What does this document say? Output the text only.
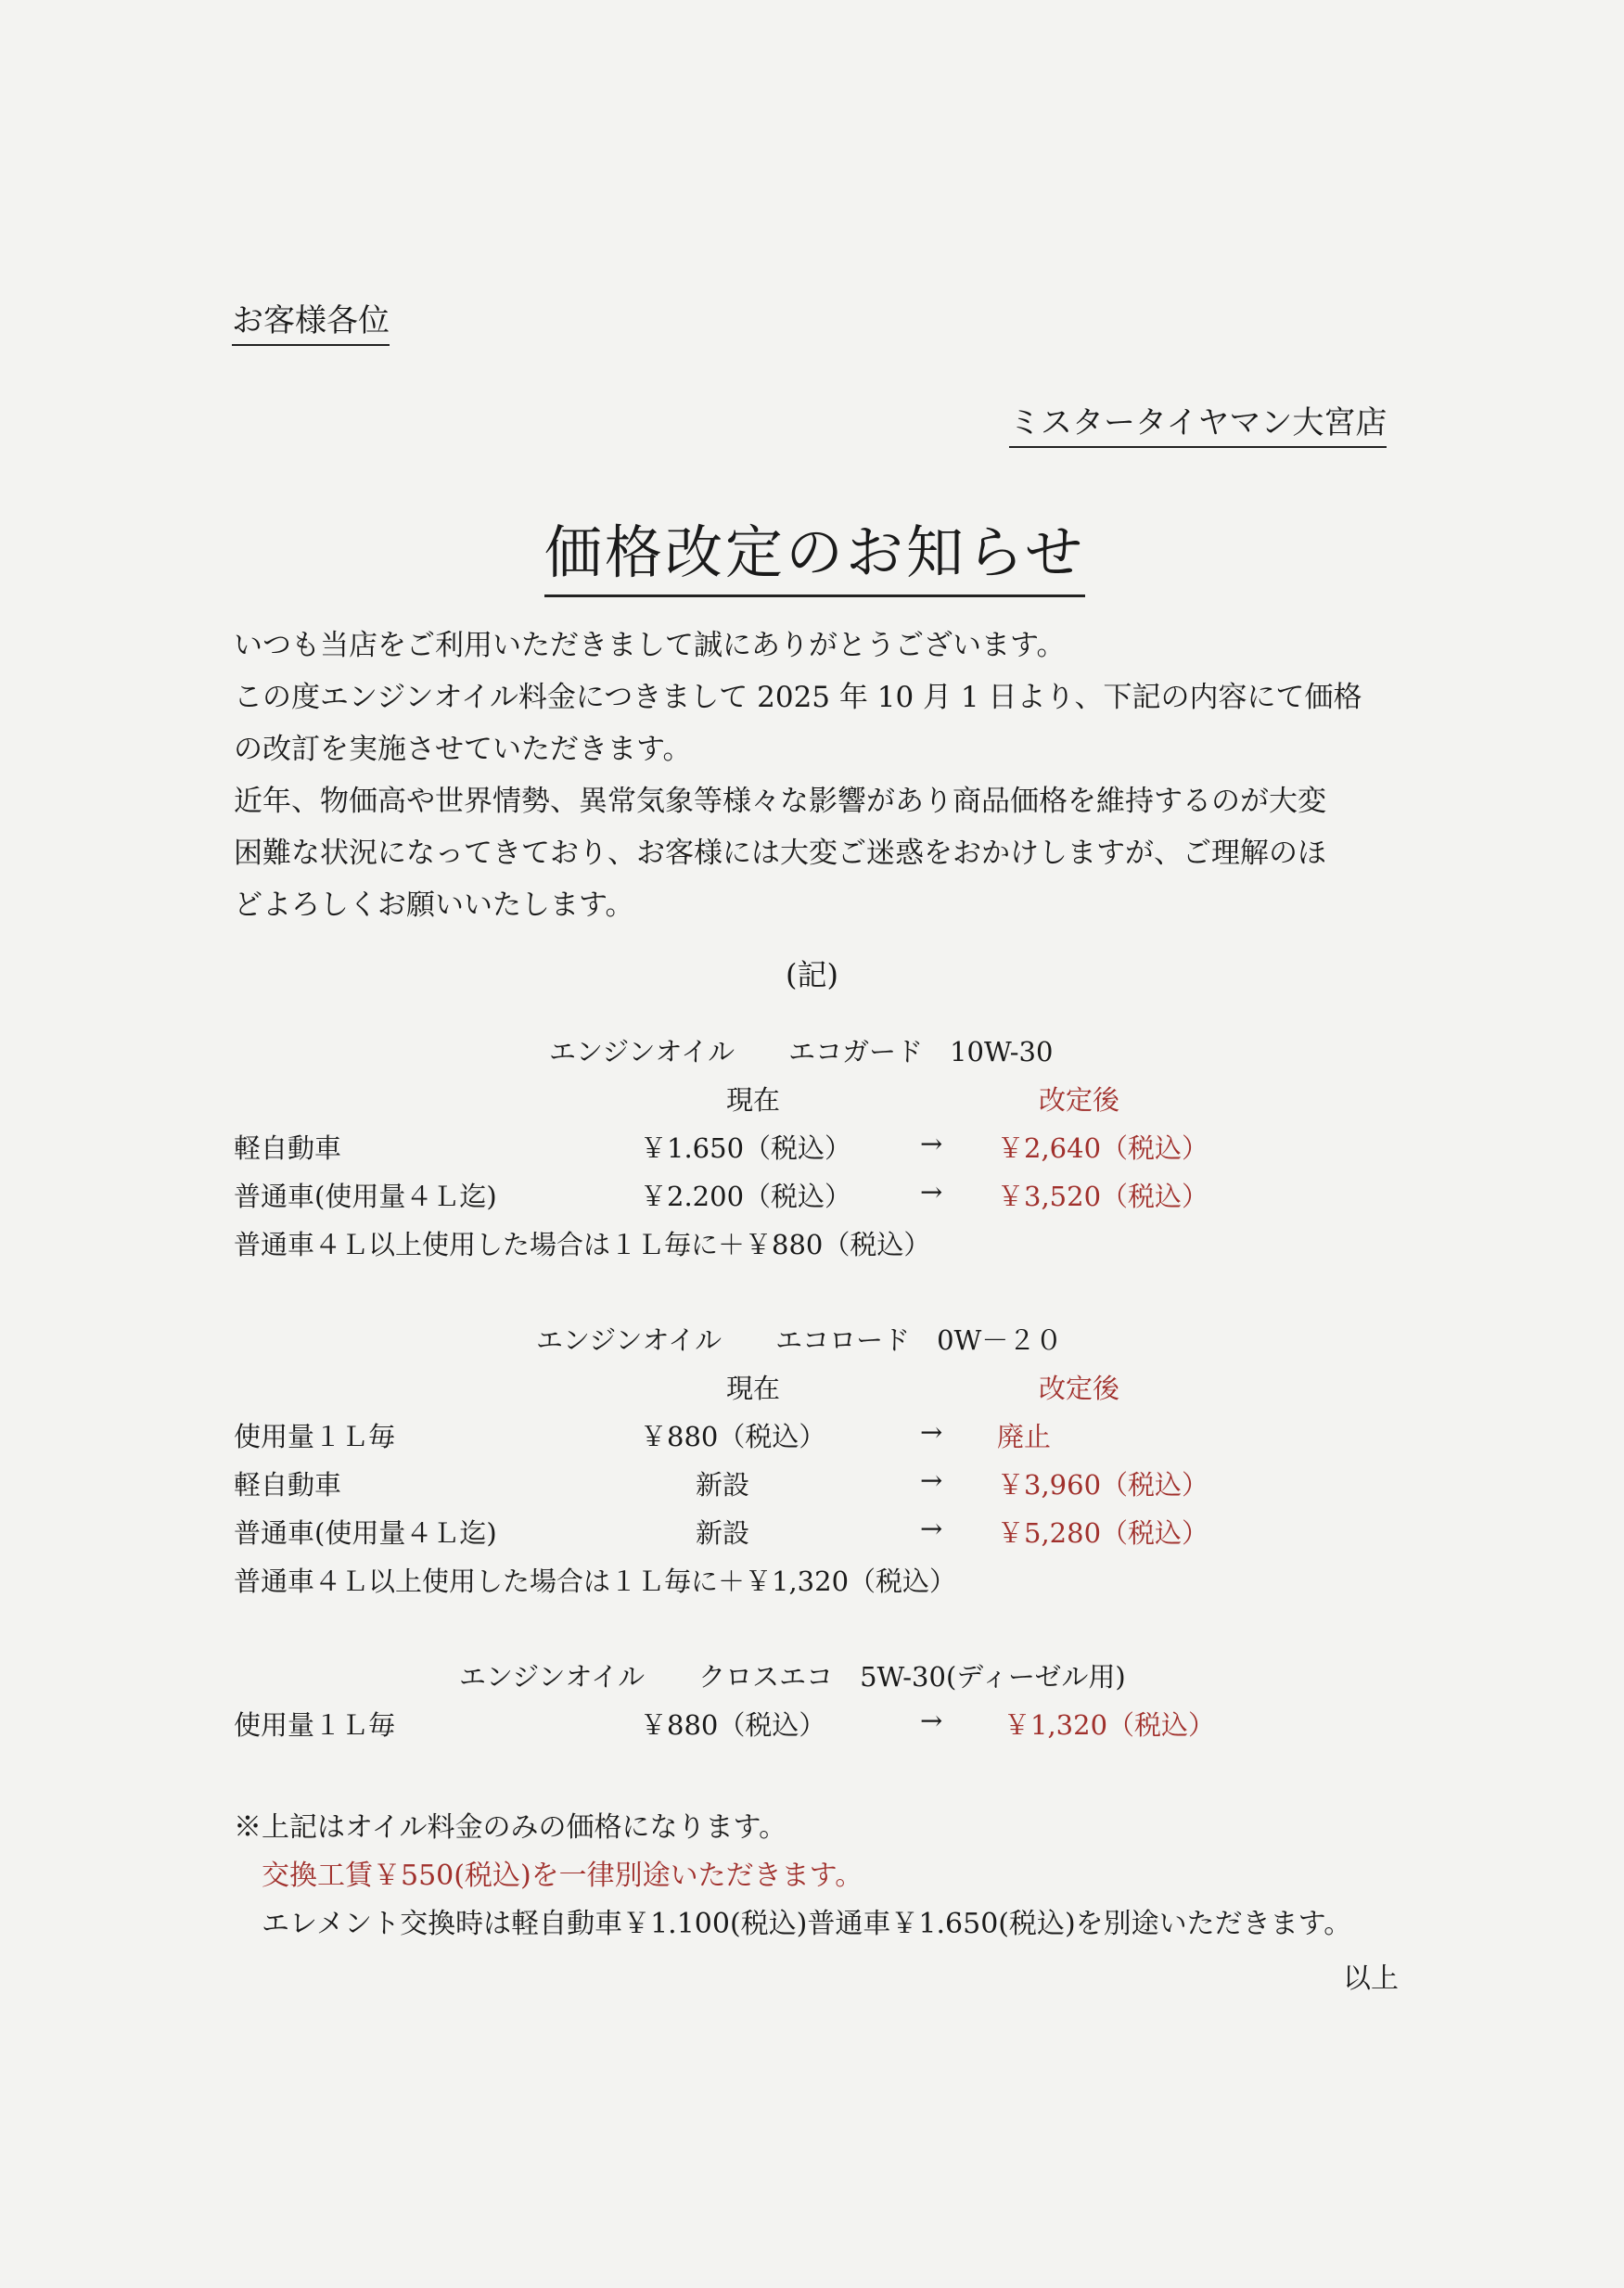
お客様各位
ミスタータイヤマン大宮店
価格改定のお知らせ
いつも当店をご利用いただきまして誠にありがとうございます。
この度エンジンオイル料金につきまして 2025 年 10 月 1 日より、下記の内容にて価格
の改訂を実施させていただきます。
近年、物価高や世界情勢、異常気象等様々な影響があり商品価格を維持するのが大変
困難な状況になってきており、お客様には大変ご迷惑をおかけしますが、ご理解のほ
どよろしくお願いいたします。
(記)
エンジンオイル　　エコガード　10W-30
現在	改定後
軽自動車	￥1.650（税込）	→ ￥2,640（税込）
普通車(使用量４Ｌ迄)	￥2.200（税込）	→ ￥3,520（税込）
普通車４Ｌ以上使用した場合は１Ｌ毎に＋￥880（税込）
エンジンオイル　　エコロード　0W－２０
現在	改定後
使用量１Ｌ毎	￥880（税込）	→ 廃止
軽自動車	新設	→ ￥3,960（税込）
普通車(使用量４Ｌ迄)	新設	→ ￥5,280（税込）
普通車４Ｌ以上使用した場合は１Ｌ毎に＋￥1,320（税込）
エンジンオイル　　クロスエコ　5W-30(ディーゼル用)
使用量１Ｌ毎	￥880（税込）	→ ￥1,320（税込）
※上記はオイル料金のみの価格になります。
交換工賃￥550(税込)を一律別途いただきます。
エレメント交換時は軽自動車￥1.100(税込)普通車￥1.650(税込)を別途いただきます。
以上
